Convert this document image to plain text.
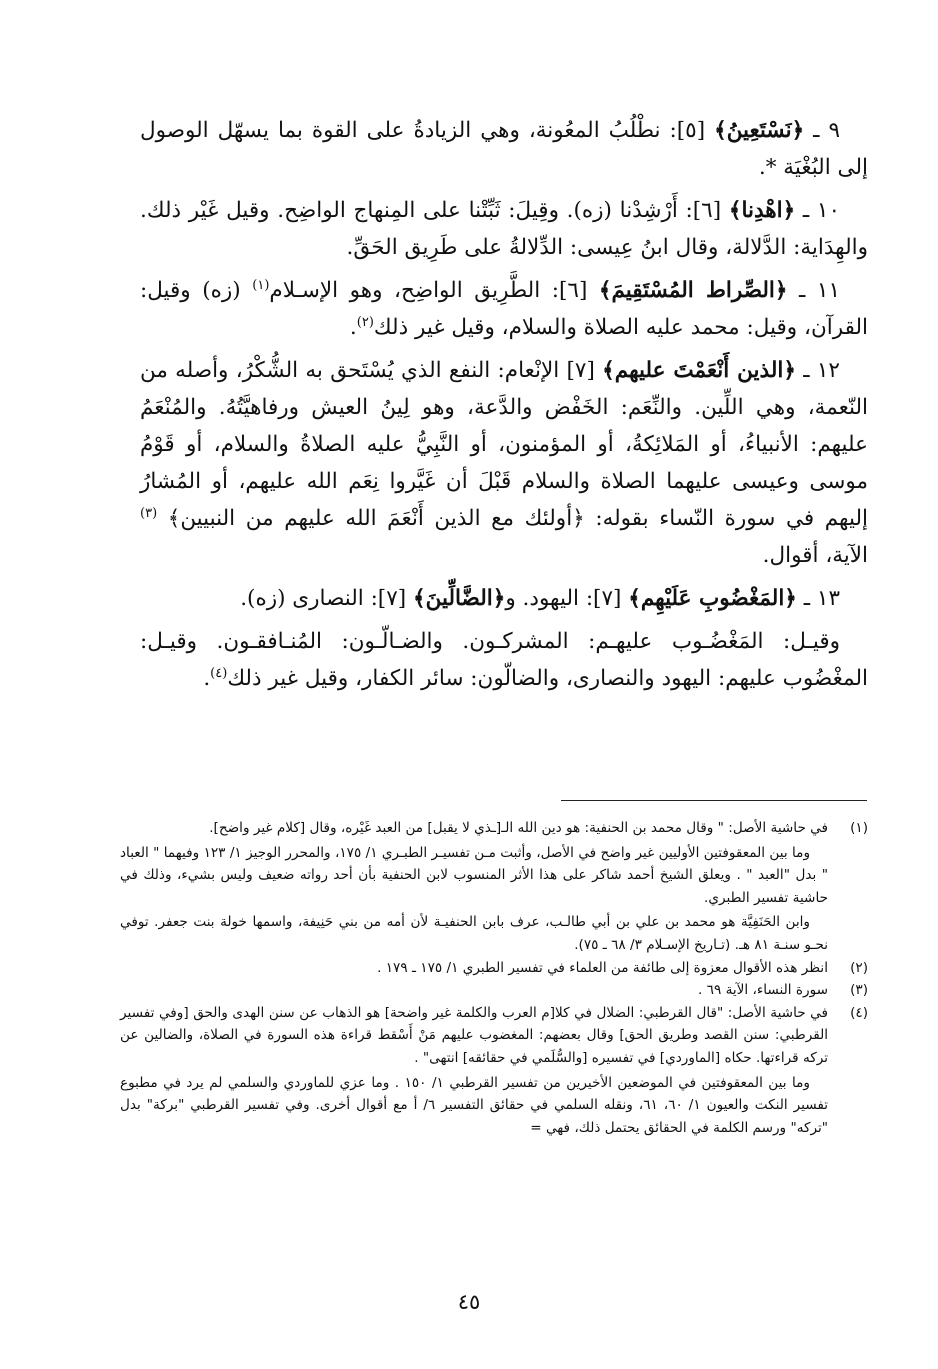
٩ ـ ﴿نَسْتَعِينُ﴾ [٥]: نطْلُبُ المعُونة، وهي الزيادةُ على القوة بما يسهّل الوصول إلى البُغْيَة *.

١٠ ـ ﴿اهْدِنا﴾ [٦]: أَرْشِدْنا (زه). وقِيلَ: ثَبِّتْنا على المِنهاج الواضِح. وقيل غَيْر ذلك. والهِدَاية: الدَّلالة، وقال ابنُ عِيسى: الدِّلالةُ على طَرِيق الحَقِّ.

١١ ـ ﴿الصِّراط المُسْتَقِيمَ﴾ [٦]: الطَّرِيق الواضِح، وهو الإسـلام$^{(١)}$ (زه) وقيل: القرآن، وقيل: محمد عليه الصلاة والسلام، وقيل غير ذلك$^{(٢)}$.

١٢ ـ ﴿الذين أَنْعَمْتَ عليهم﴾ [٧] الإنْعام: النفع الذي يُسْتَحق به الشُّكْرُ، وأصله من النّعمة، وهي اللِّين. والنِّعَم: الخَفْض والدَّعة، وهو لِينُ العيش ورفاهيَّتُهُ. والمُنْعَمُ عليهم: الأنبياءُ، أو المَلائِكةُ، أو المؤمنون، أو النَّبِيُّ عليه الصلاةُ والسلام، أو قَوْمُ موسى وعيسى عليهما الصلاة والسلام قَبْلَ أن غَيَّروا نِعَم الله عليهم، أو المُشارُ إليهم في سورة النّساء بقوله: ﴿أولئك مع الذين أَنْعَمَ الله عليهم من النبيين﴾ $^{(٣)}$ الآية، أقوال.

١٣ ـ ﴿المَغْضُوبِ عَلَيْهِم﴾ [٧]: اليهود. و﴿الضَّالِّينَ﴾ [٧]: النصارى (زه).

وقيـل: المَغْضُـوب عليهـم: المشركـون. والضـالّـون: المُنـافقـون. وقيـل: المغْضُوب عليهم: اليهود والنصارى، والضالّون: سائر الكفار، وقيل غير ذلك$^{(٤)}$.

(١)

في حاشية الأصل: " وقال محمد بن الحنفية: هو دين الله الـ[ـذي لا يقبل] من العبد غَيْره، وقال [كلام غير واضح].

وما بين المعقوفتين الأوليين غير واضح في الأصل، وأثبت مـن تفسيـر الطبـري ١/ ١٧٥، والمحرر الوجيز ١/ ١٢٣ وفيهما " العباد " بدل "العبد " . ويعلق الشيخ أحمد شاكر على هذا الأثر المنسوب لابن الحنفية بأن أحد رواته ضعيف وليس بشيء، وذلك في حاشية تفسير الطبري.

وابن الحَنَفِيَّة هو محمد بن علي بن أبي طالـب، عرف بابن الحنفيـة لأن أمه من بني حَنِيفة، واسمها خولة بنت جعفر. توفي نحـو سنـة ٨١ هـ. (تـاريخ الإسـلام ٣/ ٦٨ ـ ٧٥).

(٢)

انظر هذه الأقوال معزوة إلى طائفة من العلماء في تفسير الطبري ١/ ١٧٥ ـ ١٧٩ .

(٣)

سورة النساء، الآية ٦٩ .

(٤)

في حاشية الأصل: "قال القرطبي: الضلال في كلا[م العرب والكلمة غير واضحة] هو الذهاب عن سنن الهدى والحق [وفي تفسير القرطبي: سنن القصد وطريق الحق] وقال بعضهم: المغضوب عليهم مَنْ أَسْقط قراءة هذه السورة في الصلاة، والضالين عن تركه قراءتها. حكاه [الماوردي] في تفسيره [والسُّلَمي في حقائقه] انتهى" .

وما بين المعقوفتين في الموضعين الأخيرين من تفسير القرطبي ١/ ١٥٠ . وما عزي للماوردي والسلمي لم يرد في مطبوع تفسير النكت والعيون ١/ ٦٠، ٦١، ونقله السلمي في حقائق التفسير ٦/ أ مع أقوال أخرى. وفي تفسير القرطبي "بركة" بدل "تركه" ورسم الكلمة في الحقائق يحتمل ذلك، فهي =

٤٥
